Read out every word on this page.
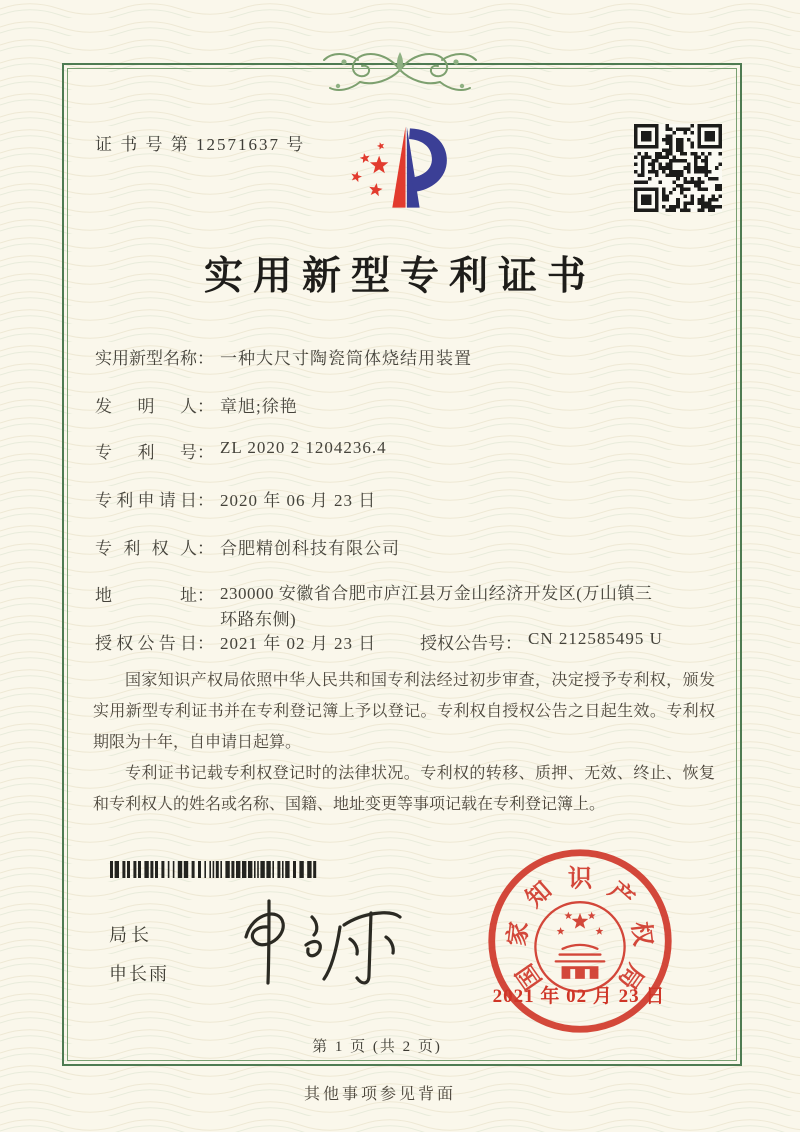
证 书 号 第 12571637 号
实用新型专利证书
实用新型名称： 一种大尺寸陶瓷筒体烧结用装置
发明人： 章旭;徐艳
专利号： ZL 2020 2 1204236.4
专利申请日： 2020 年 06 月 23 日
专利权人： 合肥精创科技有限公司
地址： 230000 安徽省合肥市庐江县万金山经济开发区(万山镇三环路东侧)
授权公告日： 2021 年 02 月 23 日	授权公告号： CN 212585495 U

国家知识产权局依照中华人民共和国专利法经过初步审查，决定授予专利权，颁发实用新型专利证书并在专利登记簿上予以登记。专利权自授权公告之日起生效。专利权期限为十年，自申请日起算。

专利证书记载专利权登记时的法律状况。专利权的转移、质押、无效、终止、恢复和专利权人的姓名或名称、国籍、地址变更等事项记载在专利登记簿上。

局长
申长雨	国
家
知 识 产
权
局
2021 年 02 月 23 日
第 1 页 (共 2 页)
其他事项参见背面
